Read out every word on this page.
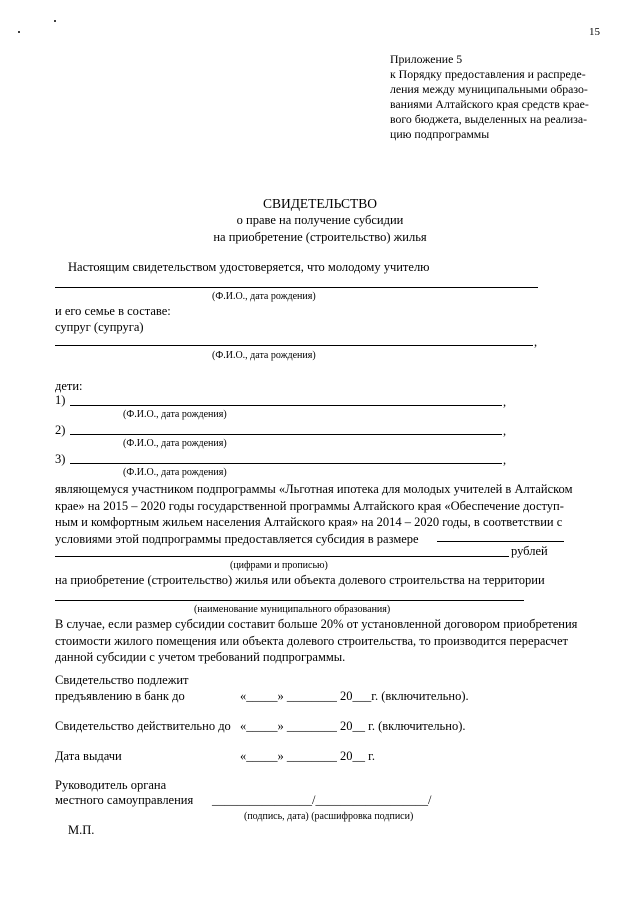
15
Приложение 5
к Порядку предоставления и распреде-
ления между муниципальными образо-
ваниями Алтайского края средств крае-
вого бюджета, выделенных на реализа-
цию подпрограммы
СВИДЕТЕЛЬСТВО
о праве на получение субсидии
на приобретение (строительство) жилья
Настоящим свидетельством удостоверяется, что молодому учителю
(Ф.И.О., дата рождения)
и его семье в составе:
супруг (супруга)
,
(Ф.И.О., дата рождения)
дети:
1)	,
(Ф.И.О., дата рождения)
2)	,
(Ф.И.О., дата рождения)
3)	,
(Ф.И.О., дата рождения)
являющемуся участником подпрограммы «Льготная ипотека для молодых учителей в Алтайском
крае» на 2015 – 2020 годы государственной программы Алтайского края «Обеспечение доступ-
ным и комфортным жильем населения Алтайского края» на 2014 – 2020 годы, в соответствии с
условиями этой подпрограммы предоставляется субсидия в размере
рублей
(цифрами и прописью)
на приобретение (строительство) жилья или объекта долевого строительства на территории
(наименование муниципального образования)
В случае, если размер субсидии составит больше 20% от установленной договором приобретения
стоимости жилого помещения или объекта долевого строительства, то производится перерасчет
данной субсидии с учетом требований подпрограммы.
Свидетельство подлежит
предъявлению в банк до	«_____» ________ 20___г. (включительно).
Свидетельство действительно до «_____» ________ 20__ г. (включительно).
Дата выдачи	«_____» ________ 20__ г.
Руководитель органа
местного самоуправления ________________/__________________/
(подпись, дата) (расшифровка подписи)
М.П.
